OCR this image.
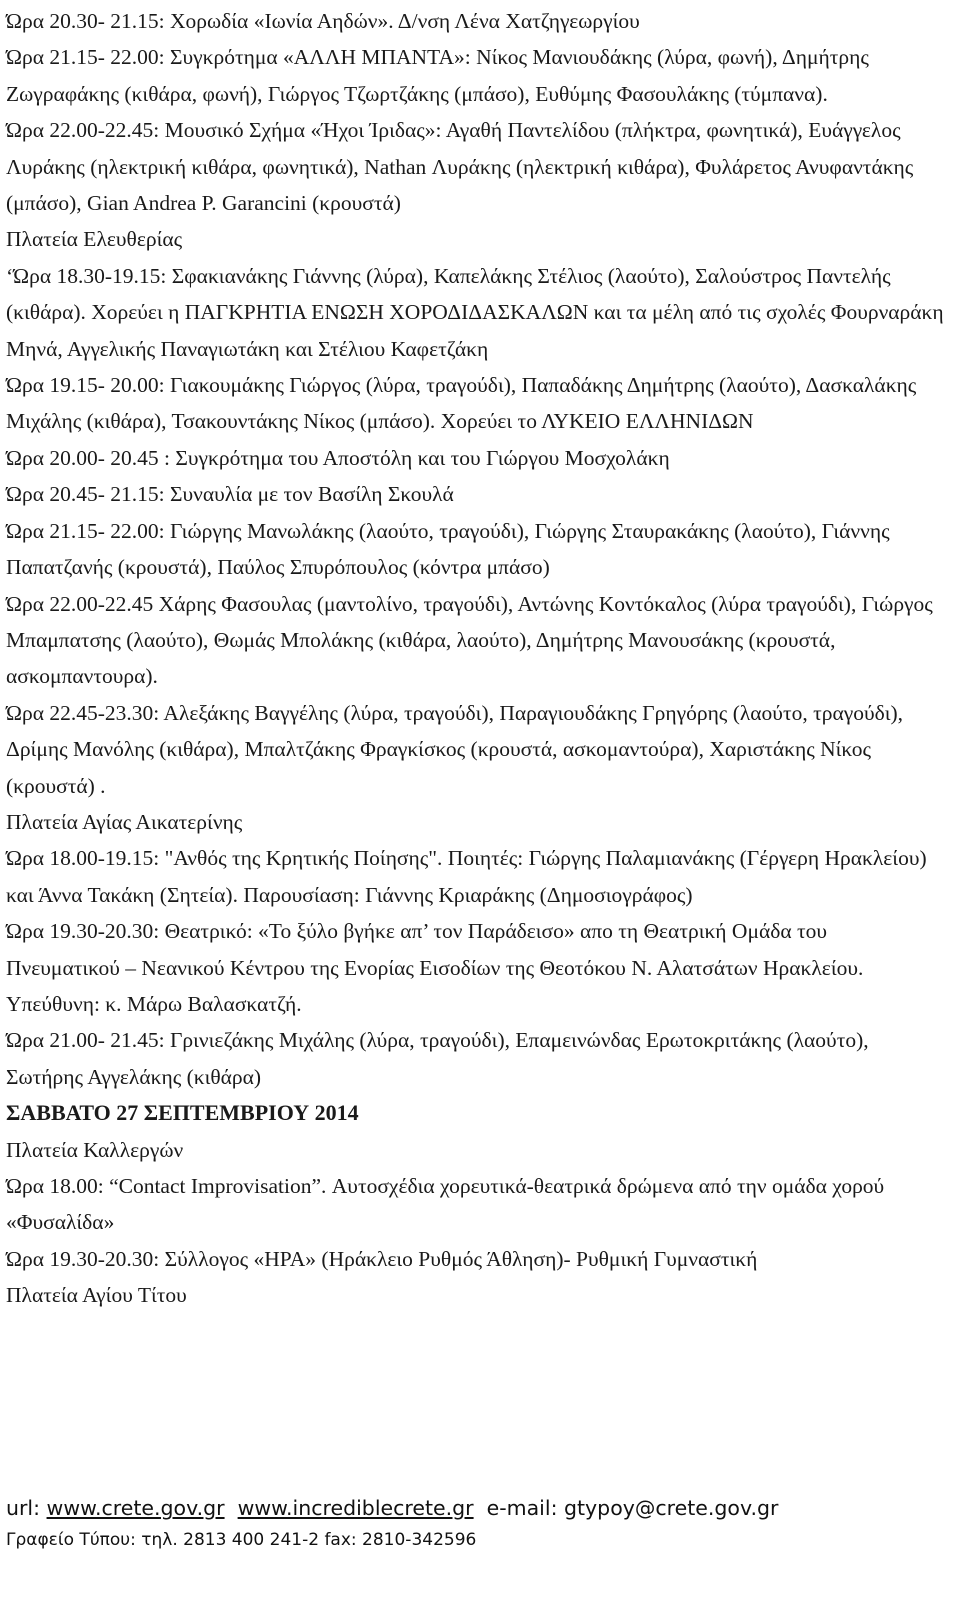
Ώρα 20.30- 21.15: Χορωδία «Ιωνία Αηδών». Δ/νση Λένα Χατζηγεωργίου
Ώρα 21.15- 22.00: Συγκρότημα «ΑΛΛΗ ΜΠΑΝΤΑ»: Νίκος Μανιουδάκης (λύρα, φωνή), Δημήτρης Ζωγραφάκης (κιθάρα, φωνή), Γιώργος Τζωρτζάκης (μπάσο), Ευθύμης Φασουλάκης (τύμπανα).
Ώρα 22.00-22.45: Μουσικό Σχήμα «Ήχοι Ίριδας»: Αγαθή Παντελίδου (πλήκτρα, φωνητικά), Ευάγγελος Λυράκης (ηλεκτρική κιθάρα, φωνητικά), Nathan Λυράκης (ηλεκτρική κιθάρα), Φυλάρετος Ανυφαντάκης (μπάσο), Gian Andrea P. Garancini (κρουστά)
Πλατεία Ελευθερίας
‘Ώρα 18.30-19.15: Σφακιανάκης Γιάννης (λύρα), Καπελάκης Στέλιος (λαούτο), Σαλούστρος Παντελής (κιθάρα). Χορεύει η ΠΑΓΚΡΗΤΙΑ ΕΝΩΣΗ ΧΟΡΟΔΙΔΑΣΚΑΛΩΝ και τα μέλη από τις σχολές Φουρναράκη Μηνά, Αγγελικής Παναγιωτάκη και Στέλιου Καφετζάκη
Ώρα 19.15- 20.00: Γιακουμάκης Γιώργος (λύρα, τραγούδι), Παπαδάκης Δημήτρης (λαούτο), Δασκαλάκης Μιχάλης (κιθάρα), Τσακουντάκης Νίκος (μπάσο). Χορεύει το ΛΥΚΕΙΟ ΕΛΛΗΝΙΔΩΝ
Ώρα 20.00- 20.45 : Συγκρότημα του Αποστόλη και του Γιώργου Μοσχολάκη
Ώρα 20.45- 21.15: Συναυλία με τον Βασίλη Σκουλά
Ώρα 21.15- 22.00: Γιώργης Μανωλάκης (λαούτο, τραγούδι), Γιώργης Σταυρακάκης (λαούτο), Γιάννης Παπατζανής (κρουστά), Παύλος Σπυρόπουλος (κόντρα μπάσο)
Ώρα 22.00-22.45 Χάρης Φασουλας (μαντολίνο, τραγούδι), Αντώνης Κοντόκαλος (λύρα τραγούδι), Γιώργος Μπαμπατσης (λαούτο), Θωμάς Μπολάκης (κιθάρα, λαούτο), Δημήτρης Μανουσάκης (κρουστά, ασκομπαντουρα).
Ώρα 22.45-23.30: Αλεξάκης Βαγγέλης (λύρα, τραγούδι), Παραγιουδάκης Γρηγόρης (λαούτο, τραγούδι), Δρίμης Μανόλης (κιθάρα), Μπαλτζάκης Φραγκίσκος (κρουστά, ασκομαντούρα), Χαριστάκης Νίκος (κρουστά) .
Πλατεία Αγίας Αικατερίνης
Ώρα 18.00-19.15: "Ανθός της Κρητικής Ποίησης". Ποιητές: Γιώργης Παλαμιανάκης (Γέργερη Ηρακλείου) και Άννα Τακάκη (Σητεία). Παρουσίαση: Γιάννης Κριαράκης (Δημοσιογράφος)
Ώρα 19.30-20.30: Θεατρικό: «Το ξύλο βγήκε απ’ τον Παράδεισο» απο τη Θεατρική Ομάδα του Πνευματικού – Νεανικού Κέντρου της Ενορίας Εισοδίων της Θεοτόκου Ν. Αλατσάτων Ηρακλείου. Υπεύθυνη: κ. Μάρω Βαλασκατζή.
Ώρα 21.00- 21.45: Γρινιεζάκης Μιχάλης (λύρα, τραγούδι), Επαμεινώνδας Ερωτοκριτάκης (λαούτο), Σωτήρης Αγγελάκης (κιθάρα)
ΣΑΒΒΑΤΟ 27 ΣΕΠΤΕΜΒΡΙΟΥ 2014
Πλατεία Καλλεργών
Ώρα 18.00: “Contact Improvisation”. Αυτοσχέδια χορευτικά-θεατρικά δρώμενα από την ομάδα χορού «Φυσαλίδα»
Ώρα 19.30-20.30: Σύλλογος «ΗΡΑ» (Ηράκλειο Ρυθμός Άθληση)- Ρυθμική Γυμναστική
Πλατεία Αγίου Τίτου
url: www.crete.gov.gr www.incrediblecrete.gr e-mail: gtypoy@crete.gov.gr
Γραφείο Τύπου: τηλ. 2813 400 241-2 fax: 2810-342596
